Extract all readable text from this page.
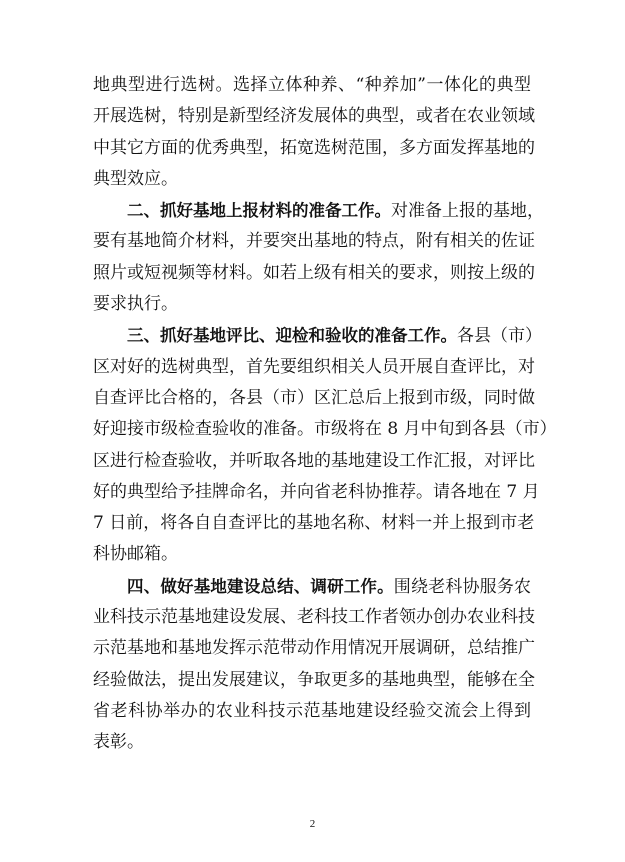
地典型进行选树。选择立体种养、“种养加”一体化的典型
开展选树，特别是新型经济发展体的典型，或者在农业领域
中其它方面的优秀典型，拓宽选树范围，多方面发挥基地的
典型效应。
二、抓好基地上报材料的准备工作。对准备上报的基地，
要有基地简介材料，并要突出基地的特点，附有相关的佐证
照片或短视频等材料。如若上级有相关的要求，则按上级的
要求执行。
三、抓好基地评比、迎检和验收的准备工作。各县（市）
区对好的选树典型，首先要组织相关人员开展自查评比，对
自查评比合格的，各县（市）区汇总后上报到市级，同时做
好迎接市级检查验收的准备。市级将在 8 月中旬到各县（市）
区进行检查验收，并听取各地的基地建设工作汇报，对评比
好的典型给予挂牌命名，并向省老科协推荐。请各地在 7 月
7 日前，将各自自查评比的基地名称、材料一并上报到市老
科协邮箱。
四、做好基地建设总结、调研工作。围绕老科协服务农
业科技示范基地建设发展、老科技工作者领办创办农业科技
示范基地和基地发挥示范带动作用情况开展调研，总结推广
经验做法，提出发展建议，争取更多的基地典型，能够在全
省老科协举办的农业科技示范基地建设经验交流会上得到
表彰。
2
